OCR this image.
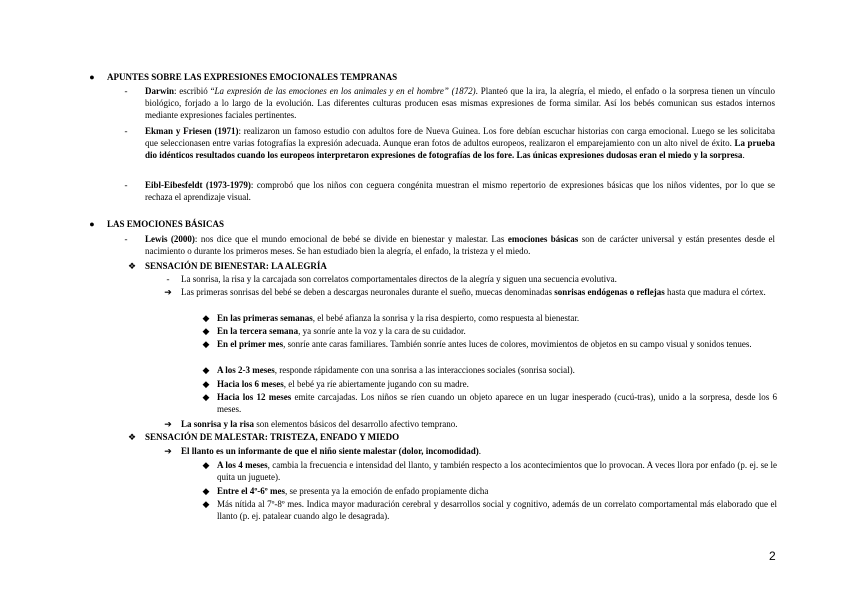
● APUNTES SOBRE LAS EXPRESIONES EMOCIONALES TEMPRANAS
-	Darwin: escribió “La expresión de las emociones en los animales y en el hombre” (1872). Planteó que la ira, la alegría, el miedo, el enfado o la sorpresa tienen un vínculo biológico, forjado a lo largo de la evolución. Las diferentes culturas producen esas mismas expresiones de forma similar. Así los bebés comunican sus estados internos mediante expresiones faciales pertinentes.
-	Ekman y Friesen (1971): realizaron un famoso estudio con adultos fore de Nueva Guinea. Los fore debían escuchar historias con carga emocional. Luego se les solicitaba que seleccionasen entre varias fotografías la expresión adecuada. Aunque eran fotos de adultos europeos, realizaron el emparejamiento con un alto nivel de éxito. La prueba dio idénticos resultados cuando los europeos interpretaron expresiones de fotografías de los fore. Las únicas expresiones dudosas eran el miedo y la sorpresa.
-	Eibl-Eibesfeldt (1973-1979): comprobó que los niños con ceguera congénita muestran el mismo repertorio de expresiones básicas que los niños videntes, por lo que se rechaza el aprendizaje visual.
● LAS EMOCIONES BÁSICAS
-	Lewis (2000): nos dice que el mundo emocional de bebé se divide en bienestar y malestar. Las emociones básicas son de carácter universal y están presentes desde el nacimiento o durante los primeros meses. Se han estudiado bien la alegría, el enfado, la tristeza y el miedo.
❖ SENSACIÓN DE BIENESTAR: LA ALEGRÍA
-	La sonrisa, la risa y la carcajada son correlatos comportamentales directos de la alegría y siguen una secuencia evolutiva.
➔ Las primeras sonrisas del bebé se deben a descargas neuronales durante el sueño, muecas denominadas sonrisas endógenas o reflejas hasta que madura el córtex.
◆ En las primeras semanas, el bebé afianza la sonrisa y la risa despierto, como respuesta al bienestar.
◆ En la tercera semana, ya sonríe ante la voz y la cara de su cuidador.
◆ En el primer mes, sonríe ante caras familiares. También sonríe antes luces de colores, movimientos de objetos en su campo visual y sonidos tenues.
◆ A los 2-3 meses, responde rápidamente con una sonrisa a las interacciones sociales (sonrisa social).
◆ Hacia los 6 meses, el bebé ya ríe abiertamente jugando con su madre.
◆ Hacia los 12 meses emite carcajadas. Los niños se ríen cuando un objeto aparece en un lugar inesperado (cucú-tras), unido a la sorpresa, desde los 6 meses.
➔ La sonrisa y la risa son elementos básicos del desarrollo afectivo temprano.
❖ SENSACIÓN DE MALESTAR: TRISTEZA, ENFADO Y MIEDO
➔ El llanto es un informante de que el niño siente malestar (dolor, incomodidad).
◆ A los 4 meses, cambia la frecuencia e intensidad del llanto, y también respecto a los acontecimientos que lo provocan. A veces llora por enfado (p. ej. se le quita un juguete).
◆ Entre el 4º-6º mes, se presenta ya la emoción de enfado propiamente dicha
◆ Más nítida al 7º-8º mes. Indica mayor maduración cerebral y desarrollos social y cognitivo, además de un correlato comportamental más elaborado que el llanto (p. ej. patalear cuando algo le desagrada).
2
